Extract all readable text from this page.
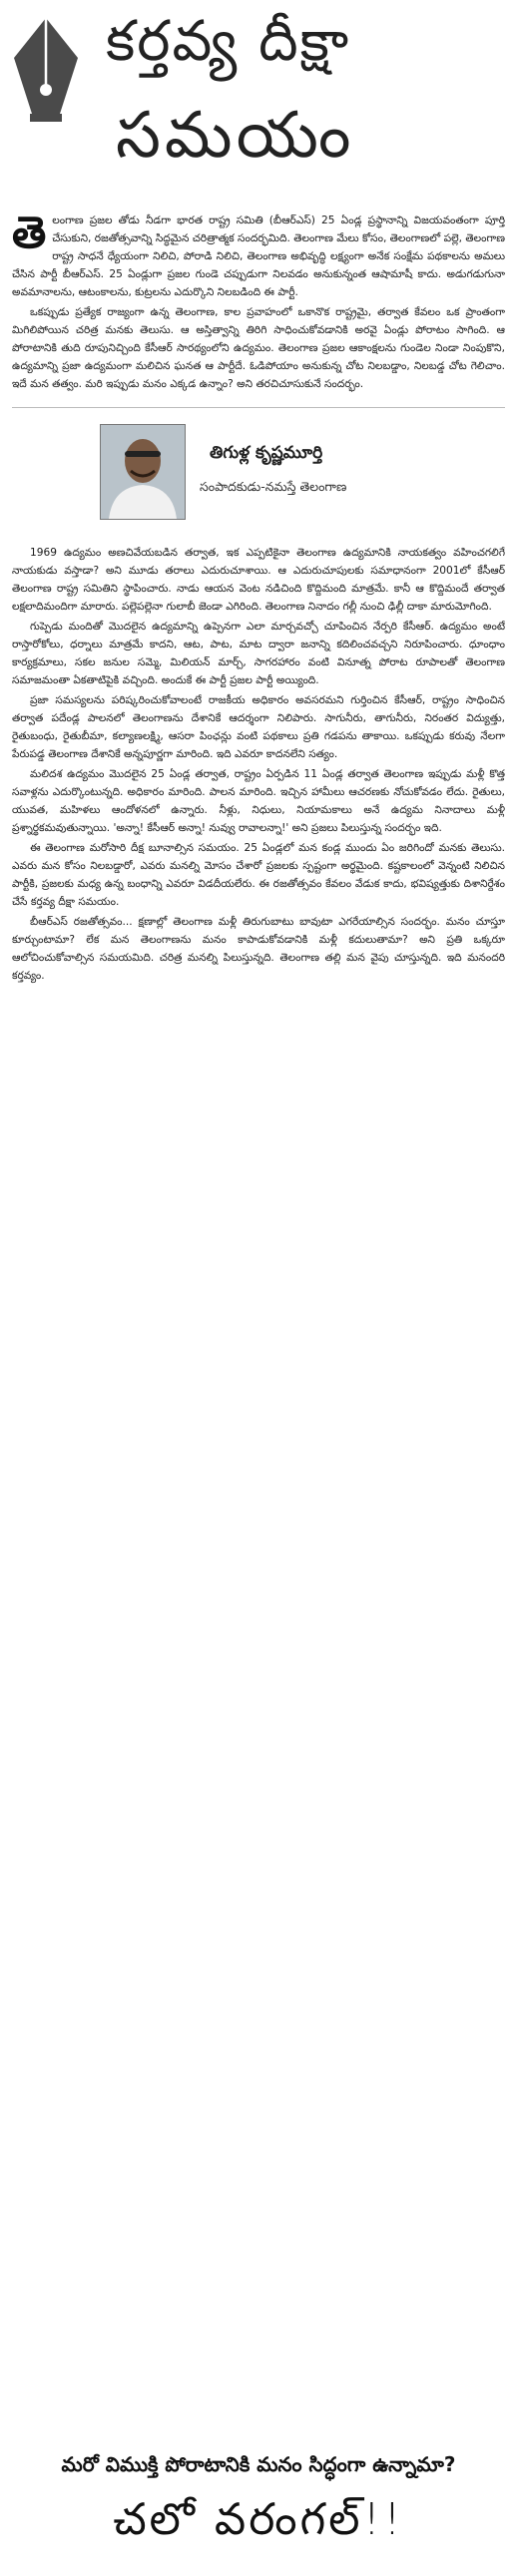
కర్తవ్య దీక్షా
సమయం

తె లంగాణ ప్రజల తోడు నీడగా భారత రాష్ట్ర సమితి (బీఆర్‌ఎస్) 25 ఏండ్ల ప్రస్థానాన్ని విజయవంతంగా పూర్తి చేసుకుని, రజతోత్సవాన్ని సిద్ధమైన చరిత్రాత్మక సందర్భమిది. తెలంగాణ మేలు కోసం, తెలంగాణలో పల్లె, తెలంగాణ రాష్ట్ర సాధనే ధ్యేయంగా నిలిచి, పోరాడి నిలిచి, తెలంగాణ అభివృద్ధి లక్ష్యంగా అనేక సంక్షేమ పథకాలను అమలు చేసిన పార్టీ బీఆర్‌ఎస్. 25 ఏండ్లుగా ప్రజల గుండె చప్పుడుగా నిలవడం అనుకున్నంత ఆషామాషీ కాదు. అడుగడుగునా అవమానాలను, ఆటంకాలను, కుట్రలను ఎదుర్కొని నిలబడింది ఈ పార్టీ.

ఒకప్పుడు ప్రత్యేక రాజ్యంగా ఉన్న తెలంగాణ, కాల ప్రవాహంలో ఒకానొక రాష్ట్రమై, తర్వాత కేవలం ఒక ప్రాంతంగా మిగిలిపోయిన చరిత్ర మనకు తెలుసు. ఆ అస్తిత్వాన్ని తిరిగి సాధించుకోవడానికి అరవై ఏండ్లు పోరాటం సాగింది. ఆ పోరాటానికి తుది రూపునిచ్చింది కేసీఆర్ సారథ్యంలోని ఉద్యమం. తెలంగాణ ప్రజల ఆకాంక్షలను గుండెల నిండా నింపుకొని, ఉద్యమాన్ని ప్రజా ఉద్యమంగా మలిచిన ఘనత ఆ పార్టీదే. ఓడిపోయాం అనుకున్న చోట నిలబడ్డాం, నిలబడ్డ చోట గెలిచాం. ఇదే మన తత్వం. మరి ఇప్పుడు మనం ఎక్కడ ఉన్నాం? అని తరచిచూసుకునే సందర్భం.

తిగుళ్ల కృష్ణమూర్తి
సంపాదకుడు-నమస్తే తెలంగాణ

1969 ఉద్యమం అణచివేయబడిన తర్వాత, ఇక ఎప్పటికైనా తెలంగాణ ఉద్యమానికి నాయకత్వం వహించగలిగే నాయకుడు వస్తాడా? అని మూడు తరాలు ఎదురుచూశాయి. ఆ ఎదురుచూపులకు సమాధానంగా 2001లో కేసీఆర్ తెలంగాణ రాష్ట్ర సమితిని స్థాపించారు. నాడు ఆయన వెంట నడిచింది కొద్దిమంది మాత్రమే. కానీ ఆ కొద్దిమందే తర్వాత లక్షలాదిమందిగా మారారు. పల్లెపల్లెనా గులాబీ జెండా ఎగిరింది. తెలంగాణ నినాదం గల్లీ నుంచి ఢిల్లీ దాకా మారుమోగింది.

గుప్పెడు మందితో మొదలైన ఉద్యమాన్ని ఉప్పెనగా ఎలా మార్చవచ్చో చూపించిన నేర్పరి కేసీఆర్. ఉద్యమం అంటే రాస్తారోకోలు, ధర్నాలు మాత్రమే కాదని, ఆట, పాట, మాట ద్వారా జనాన్ని కదిలించవచ్చని నిరూపించారు. ధూంధాం కార్యక్రమాలు, సకల జనుల సమ్మె, మిలియన్ మార్చ్, సాగరహారం వంటి వినూత్న పోరాట రూపాలతో తెలంగాణ సమాజమంతా ఏకతాటిపైకి వచ్చింది. అందుకే ఈ పార్టీ ప్రజల పార్టీ అయ్యింది.

ప్రజా సమస్యలను పరిష్కరించుకోవాలంటే రాజకీయ అధికారం అవసరమని గుర్తించిన కేసీఆర్, రాష్ట్రం సాధించిన తర్వాత పదేండ్ల పాలనలో తెలంగాణను దేశానికే ఆదర్శంగా నిలిపారు. సాగునీరు, తాగునీరు, నిరంతర విద్యుత్తు, రైతుబంధు, రైతుబీమా, కల్యాణలక్ష్మి, ఆసరా పింఛన్లు వంటి పథకాలు ప్రతి గడపను తాకాయి. ఒకప్పుడు కరువు నేలగా పేరుపడ్డ తెలంగాణ దేశానికే అన్నపూర్ణగా మారింది. ఇది ఎవరూ కాదనలేని సత్యం.

మలిదశ ఉద్యమం మొదలైన 25 ఏండ్ల తర్వాత, రాష్ట్రం ఏర్పడిన 11 ఏండ్ల తర్వాత తెలంగాణ ఇప్పుడు మళ్లీ కొత్త సవాళ్లను ఎదుర్కొంటున్నది. అధికారం మారింది. పాలన మారింది. ఇచ్చిన హామీలు ఆచరణకు నోచుకోవడం లేదు. రైతులు, యువత, మహిళలు ఆందోళనలో ఉన్నారు. నీళ్లు, నిధులు, నియామకాలు అనే ఉద్యమ నినాదాలు మళ్లీ ప్రశ్నార్థకమవుతున్నాయి. 'అన్నా! కేసీఆర్ అన్నా! నువ్వు రావాలన్నా!' అని ప్రజలు పిలుస్తున్న సందర్భం ఇది.

ఈ తెలంగాణ మరోసారి దీక్ష బూనాల్సిన సమయం. 25 ఏండ్లలో మన కండ్ల ముందు ఏం జరిగిందో మనకు తెలుసు. ఎవరు మన కోసం నిలబడ్డారో, ఎవరు మనల్ని మోసం చేశారో ప్రజలకు స్పష్టంగా అర్థమైంది. కష్టకాలంలో వెన్నంటి నిలిచిన పార్టీకి, ప్రజలకు మధ్య ఉన్న బంధాన్ని ఎవరూ విడదీయలేరు. ఈ రజతోత్సవం కేవలం వేడుక కాదు, భవిష్యత్తుకు దిశానిర్దేశం చేసే కర్తవ్య దీక్షా సమయం.

బీఆర్‌ఎస్ రజతోత్సవం... క్షణాల్లో తెలంగాణ మళ్లీ తిరుగుబాటు బావుటా ఎగరేయాల్సిన సందర్భం. మనం చూస్తూ కూర్చుంటామా? లేక మన తెలంగాణను మనం కాపాడుకోవడానికి మళ్లీ కదులుతామా? అని ప్రతి ఒక్కరూ ఆలోచించుకోవాల్సిన సమయమిది. చరిత్ర మనల్ని పిలుస్తున్నది. తెలంగాణ తల్లి మన వైపు చూస్తున్నది. ఇది మనందరి కర్తవ్యం.

మరో విముక్తి పోరాటానికి మనం సిద్ధంగా ఉన్నామా?
చలో వరంగల్!!
